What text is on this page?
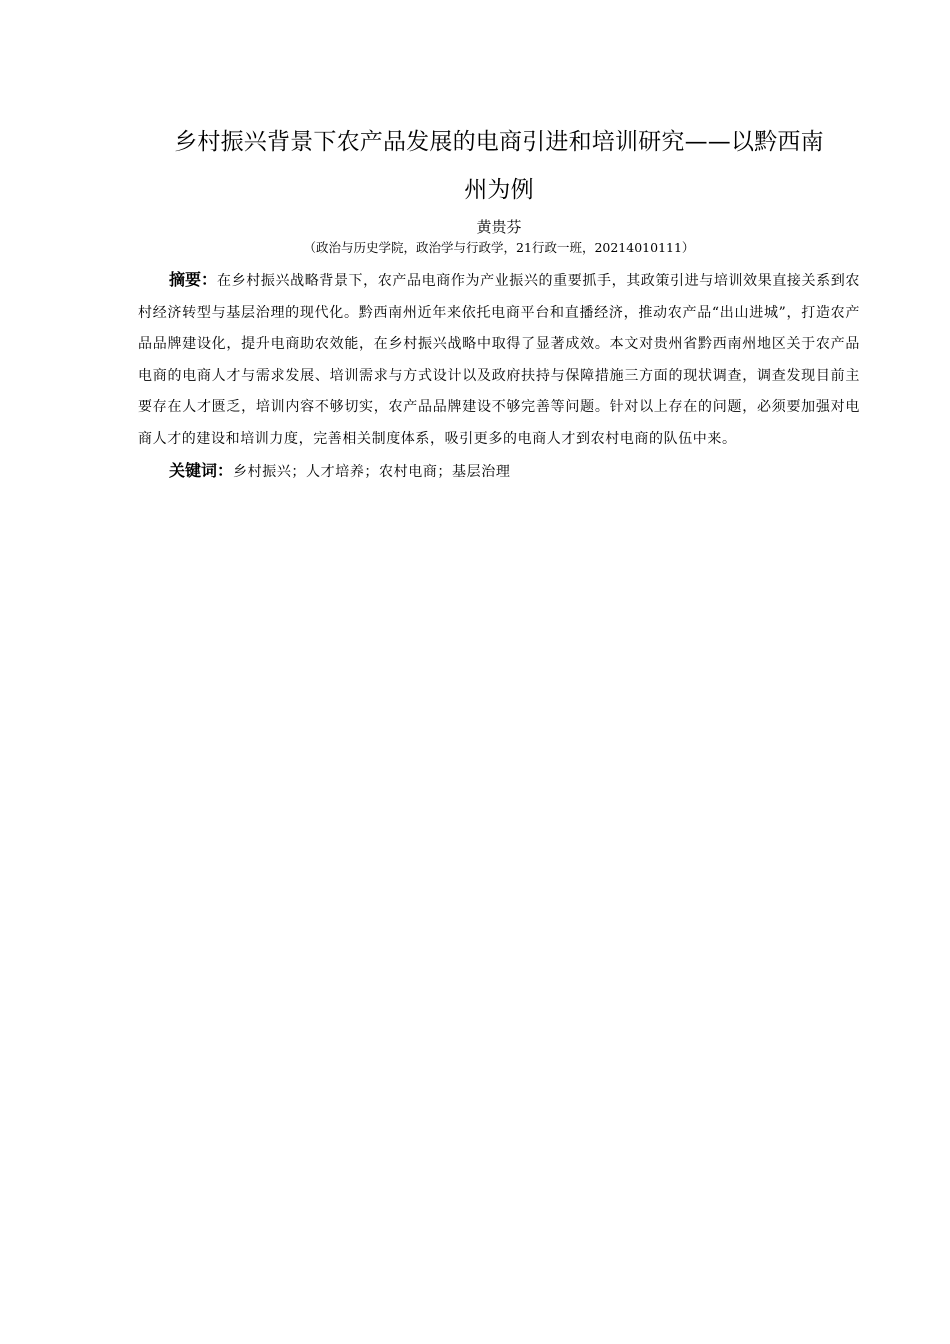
乡村振兴背景下农产品发展的电商引进和培训研究——以黔西南
州为例
黄贵芬
（政治与历史学院，政治学与行政学，21行政一班，20214010111）
摘要：在乡村振兴战略背景下，农产品电商作为产业振兴的重要抓手，其政策引进与培训效果直接关系到农村经济转型与基层治理的现代化。黔西南州近年来依托电商平台和直播经济，推动农产品“出山进城”，打造农产品品牌建设化，提升电商助农效能，在乡村振兴战略中取得了显著成效。本文对贵州省黔西南州地区关于农产品电商的电商人才与需求发展、培训需求与方式设计以及政府扶持与保障措施三方面的现状调查，调查发现目前主要存在人才匮乏，培训内容不够切实，农产品品牌建设不够完善等问题。针对以上存在的问题，必须要加强对电商人才的建设和培训力度，完善相关制度体系，吸引更多的电商人才到农村电商的队伍中来。
关键词：乡村振兴；人才培养；农村电商；基层治理
